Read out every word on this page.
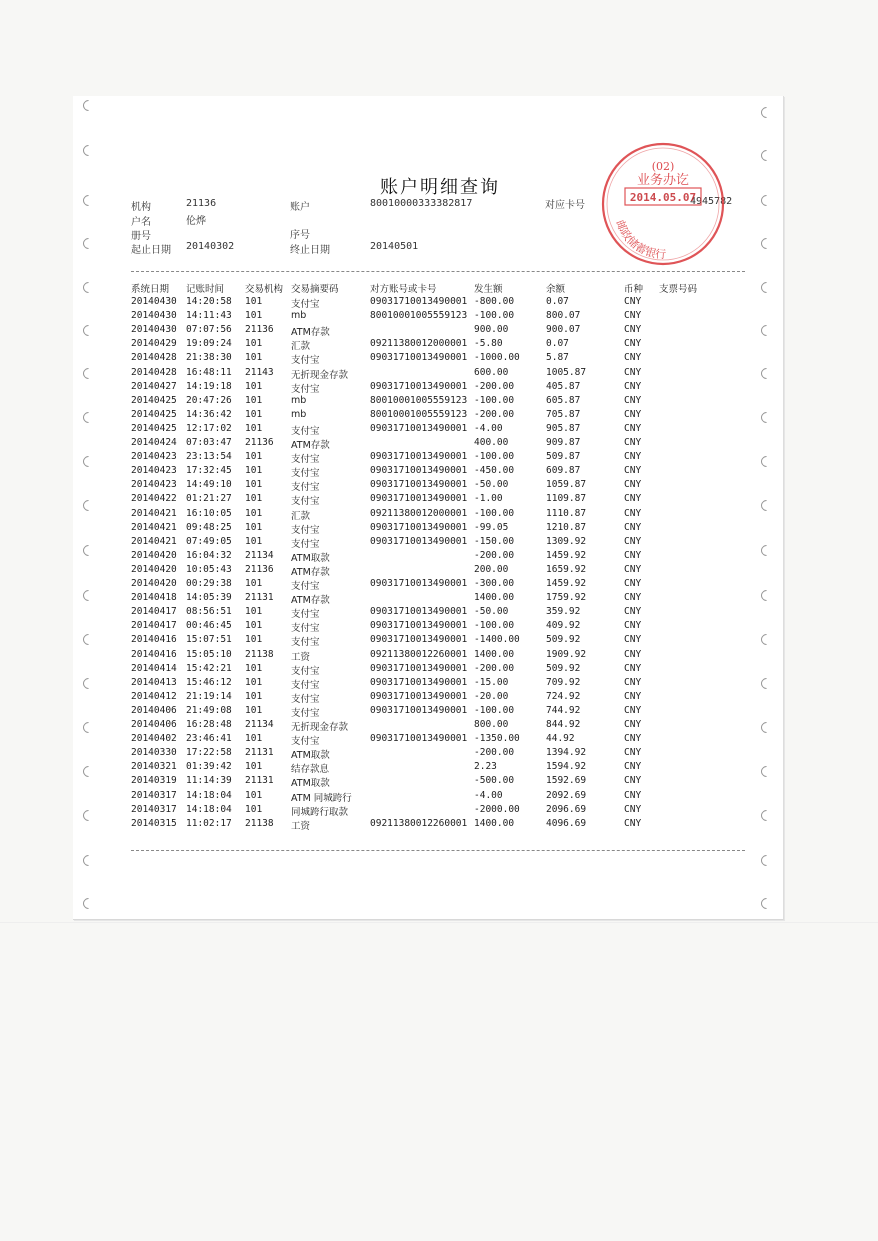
账户明细查询
机构	21136	账户	80010000333382817	对应卡号	4945782
户名	伦烨
册号	序号
起止日期 20140302	终止日期	20140501
系统日期 记账时间 交易机构 交易摘要码	对方账号或卡号	发生额	余额	币种 支票号码
20140430 14:20:58 101	支付宝	09031710013490001 -800.00	0.07	CNY
20140430 14:11:43 101	mb	80010001005559123 -100.00	800.07	CNY
20140430 07:07:56 21136 ATM存款	900.00	900.07	CNY
20140429 19:09:24 101	汇款	09211380012000001 -5.80	0.07	CNY
20140428 21:38:30 101	支付宝	09031710013490001 -1000.00	5.87	CNY
20140428 16:48:11 21143 无折现金存款	600.00	1005.87	CNY
20140427 14:19:18 101	支付宝	09031710013490001 -200.00	405.87	CNY
20140425 20:47:26 101	mb	80010001005559123 -100.00	605.87	CNY
20140425 14:36:42 101	mb	80010001005559123 -200.00	705.87	CNY
20140425 12:17:02 101	支付宝	09031710013490001 -4.00	905.87	CNY
20140424 07:03:47 21136 ATM存款	400.00	909.87	CNY
20140423 23:13:54 101	支付宝	09031710013490001 -100.00	509.87	CNY
20140423 17:32:45 101	支付宝	09031710013490001 -450.00	609.87	CNY
20140423 14:49:10 101	支付宝	09031710013490001 -50.00	1059.87	CNY
20140422 01:21:27 101	支付宝	09031710013490001 -1.00	1109.87	CNY
20140421 16:10:05 101	汇款	09211380012000001 -100.00	1110.87	CNY
20140421 09:48:25 101	支付宝	09031710013490001 -99.05	1210.87	CNY
20140421 07:49:05 101	支付宝	09031710013490001 -150.00	1309.92	CNY
20140420 16:04:32 21134 ATM取款	-200.00	1459.92	CNY
20140420 10:05:43 21136 ATM存款	200.00	1659.92	CNY
20140420 00:29:38 101	支付宝	09031710013490001 -300.00	1459.92	CNY
20140418 14:05:39 21131 ATM存款	1400.00	1759.92	CNY
20140417 08:56:51 101	支付宝	09031710013490001 -50.00	359.92	CNY
20140417 00:46:45 101	支付宝	09031710013490001 -100.00	409.92	CNY
20140416 15:07:51 101	支付宝	09031710013490001 -1400.00	509.92	CNY
20140416 15:05:10 21138 工资	09211380012260001 1400.00	1909.92	CNY
20140414 15:42:21 101	支付宝	09031710013490001 -200.00	509.92	CNY
20140413 15:46:12 101	支付宝	09031710013490001 -15.00	709.92	CNY
20140412 21:19:14 101	支付宝	09031710013490001 -20.00	724.92	CNY
20140406 21:49:08 101	支付宝	09031710013490001 -100.00	744.92	CNY
20140406 16:28:48 21134 无折现金存款	800.00	844.92	CNY
20140402 23:46:41 101	支付宝	09031710013490001 -1350.00	44.92	CNY
20140330 17:22:58 21131 ATM取款	-200.00	1394.92	CNY
20140321 01:39:42 101	结存款息	2.23	1594.92	CNY
20140319 11:14:39 21131 ATM取款	-500.00	1592.69	CNY
20140317 14:18:04 101	ATM 同城跨行	-4.00	2092.69	CNY
20140317 14:18:04 101	同城跨行取款	-2000.00	2096.69	CNY
20140315 11:02:17 21138 工资	09211380012260001 1400.00	4096.69	CNY
邮政储蓄银行
(02)
业务办讫
2014.05.07
